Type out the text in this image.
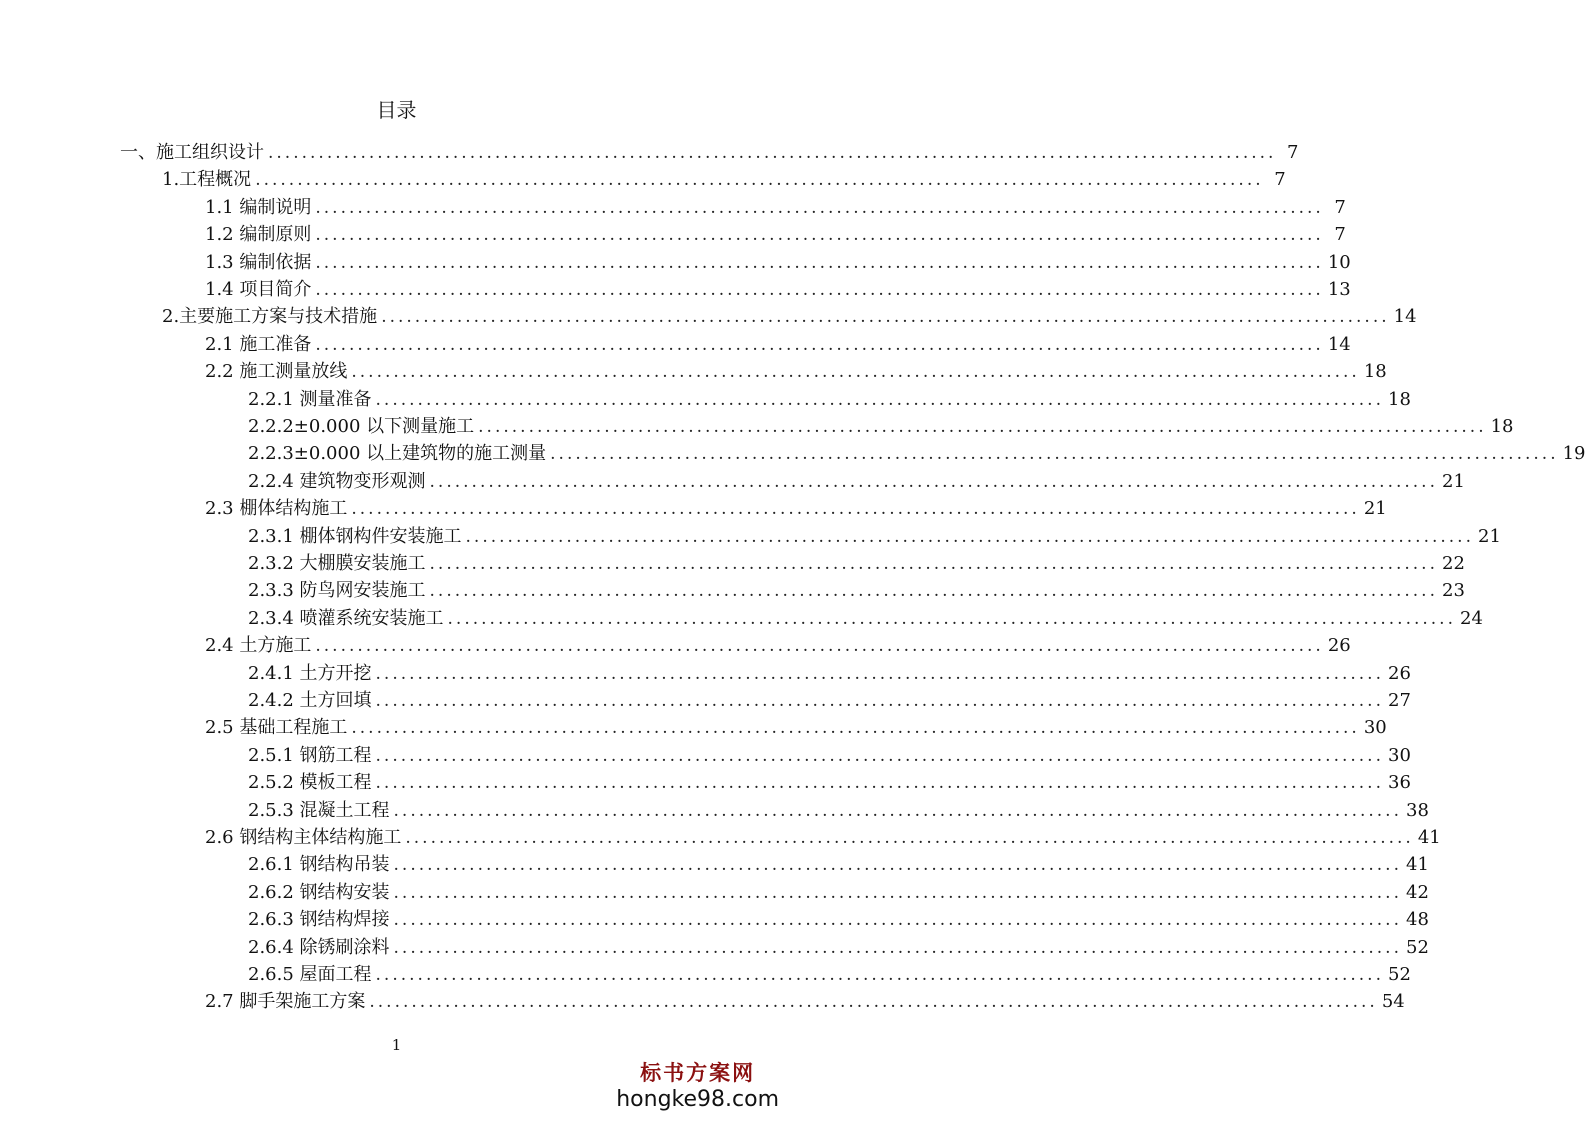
目录
一、施工组织设计 ........................................................................................................................ 7
1.工程概况 ........................................................................................................................ 7
1.1 编制说明 ........................................................................................................................ 7
1.2 编制原则 ........................................................................................................................ 7
1.3 编制依据 ........................................................................................................................ 10
1.4 项目简介 ........................................................................................................................ 13
2.主要施工方案与技术措施 ........................................................................................................................ 14
2.1 施工准备 ........................................................................................................................ 14
2.2 施工测量放线 ........................................................................................................................ 18
2.2.1 测量准备 ........................................................................................................................ 18
2.2.2±0.000 以下测量施工 ........................................................................................................................ 18
2.2.3±0.000 以上建筑物的施工测量 ........................................................................................................................ 19
2.2.4 建筑物变形观测 ........................................................................................................................ 21
2.3 棚体结构施工 ........................................................................................................................ 21
2.3.1 棚体钢构件安装施工 ........................................................................................................................ 21
2.3.2 大棚膜安装施工 ........................................................................................................................ 22
2.3.3 防鸟网安装施工 ........................................................................................................................ 23
2.3.4 喷灌系统安装施工 ........................................................................................................................ 24
2.4 土方施工 ........................................................................................................................ 26
2.4.1 土方开挖 ........................................................................................................................ 26
2.4.2 土方回填 ........................................................................................................................ 27
2.5 基础工程施工 ........................................................................................................................ 30
2.5.1 钢筋工程 ........................................................................................................................ 30
2.5.2 模板工程 ........................................................................................................................ 36
2.5.3 混凝土工程 ........................................................................................................................ 38
2.6 钢结构主体结构施工 ........................................................................................................................ 41
2.6.1 钢结构吊装 ........................................................................................................................ 41
2.6.2 钢结构安装 ........................................................................................................................ 42
2.6.3 钢结构焊接 ........................................................................................................................ 48
2.6.4 除锈刷涂料 ........................................................................................................................ 52
2.6.5 屋面工程 ........................................................................................................................ 52
2.7 脚手架施工方案 ........................................................................................................................ 54
1
标书方案网
hongke98.com
